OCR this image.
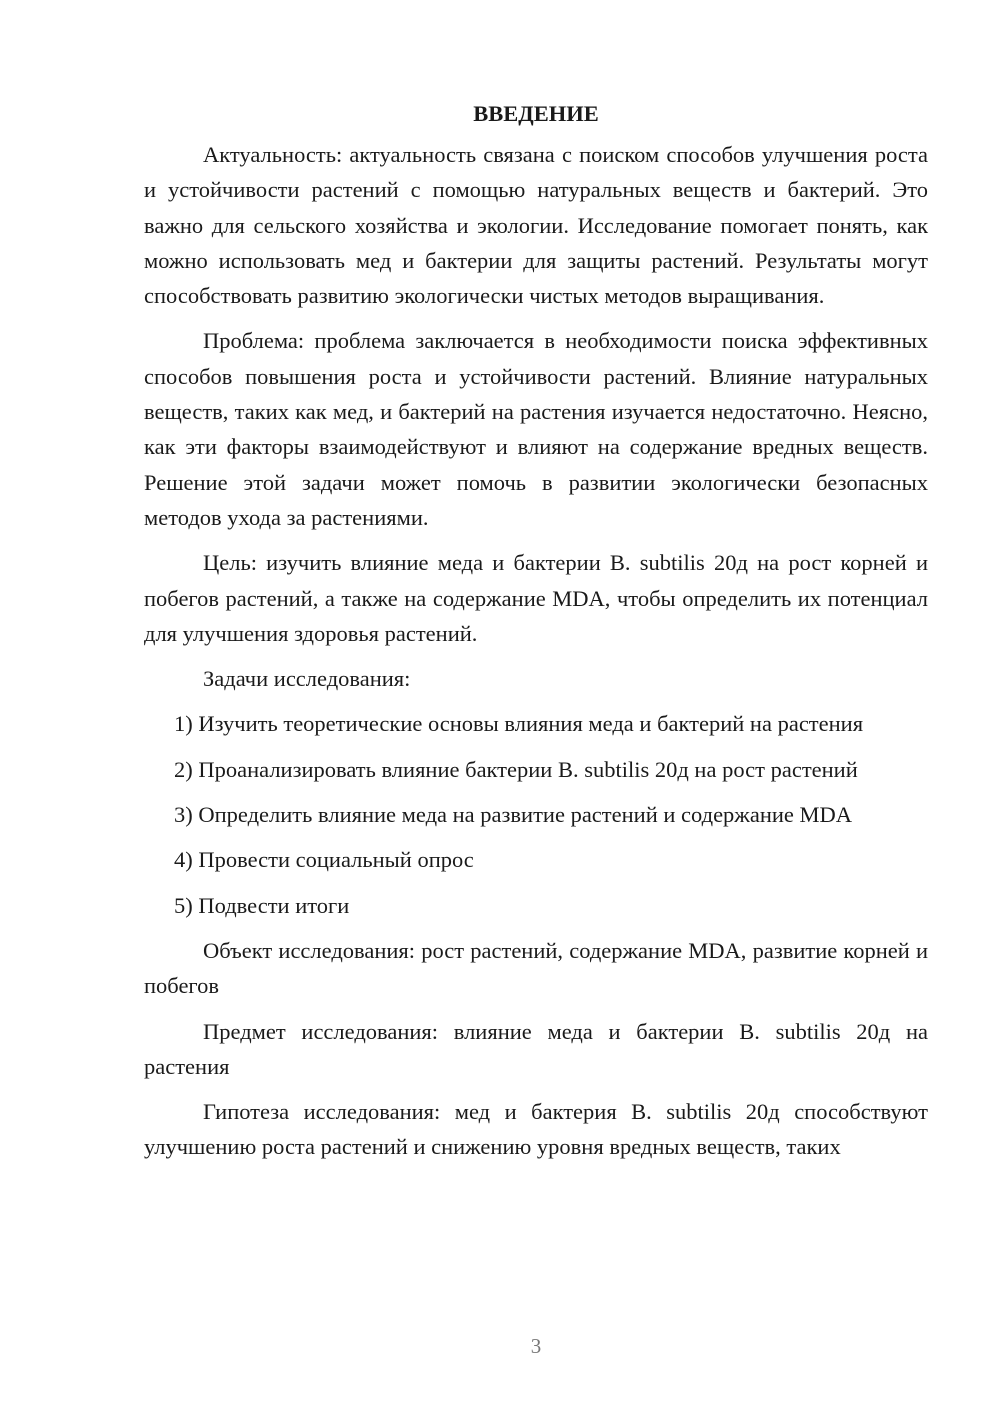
ВВЕДЕНИЕ

Актуальность: актуальность связана с поиском способов улучшения роста и устойчивости растений с помощью натуральных веществ и бактерий. Это важно для сельского хозяйства и экологии. Исследование помогает понять, как можно использовать мед и бактерии для защиты растений. Результаты могут способствовать развитию экологически чистых методов выращивания.

Проблема: проблема заключается в необходимости поиска эффективных способов повышения роста и устойчивости растений. Влияние натуральных веществ, таких как мед, и бактерий на растения изучается недостаточно. Неясно, как эти факторы взаимодействуют и влияют на содержание вредных веществ. Решение этой задачи может помочь в развитии экологически безопасных методов ухода за растениями.

Цель: изучить влияние меда и бактерии B. subtilis 20д на рост корней и побегов растений, а также на содержание MDA, чтобы определить их потенциал для улучшения здоровья растений.

Задачи исследования:

1) Изучить теоретические основы влияния меда и бактерий на растения

2) Проанализировать влияние бактерии B. subtilis 20д на рост растений

3) Определить влияние меда на развитие растений и содержание MDA

4) Провести социальный опрос

5) Подвести итоги

Объект исследования: рост растений, содержание MDA, развитие корней и побегов

Предмет исследования: влияние меда и бактерии B. subtilis 20д на растения

Гипотеза исследования: мед и бактерия B. subtilis 20д способствуют улучшению роста растений и снижению уровня вредных веществ, таких

3
